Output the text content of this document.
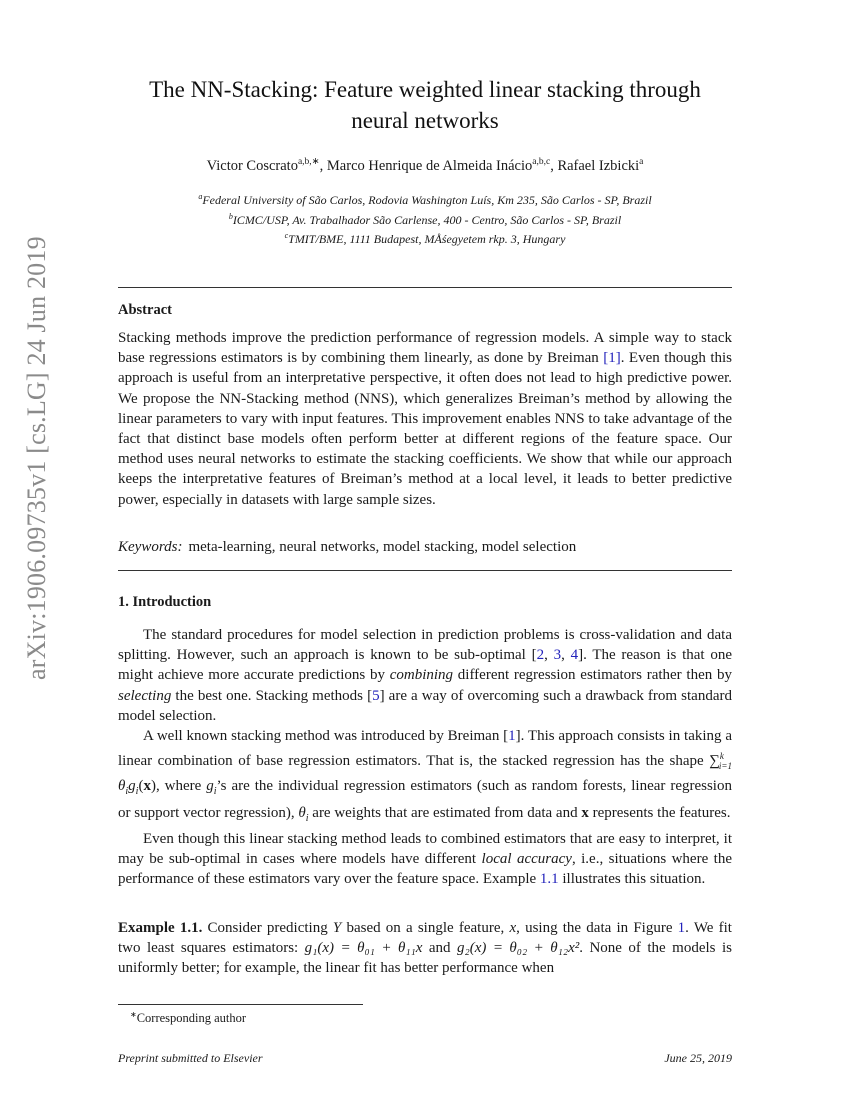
arXiv:1906.09735v1 [cs.LG] 24 Jun 2019
The NN-Stacking: Feature weighted linear stacking through
neural networks
Victor Coscrato$^{a,b,∗}$, Marco Henrique de Almeida Inácio$^{a,b,c}$, Rafael Izbicki$^a$
$^a$Federal University of São Carlos, Rodovia Washington Luís, Km 235, São Carlos - SP, Brazil
$^b$ICMC/USP, Av. Trabalhador São Carlense, 400 - Centro, São Carlos - SP, Brazil
$^c$TMIT/BME, 1111 Budapest, MÅśegyetem rkp. 3, Hungary
Abstract

Stacking methods improve the prediction performance of regression models. A simple way to stack base regressions estimators is by combining them linearly, as done by Breiman [1]. Even though this approach is useful from an interpretative perspective, it often does not lead to high predictive power. We propose the NN-Stacking method (NNS), which generalizes Breiman’s method by allowing the linear parameters to vary with input features. This improvement enables NNS to take advantage of the fact that distinct base models often perform better at different regions of the feature space. Our method uses neural networks to estimate the stacking coefficients. We show that while our approach keeps the interpretative features of Breiman’s method at a local level, it leads to better predictive power, especially in datasets with large sample sizes.

Keywords: meta-learning, neural networks, model stacking, model selection
1. Introduction

The standard procedures for model selection in prediction problems is cross-validation and data splitting. However, such an approach is known to be sub-optimal [2, 3, 4]. The reason is that one might achieve more accurate predictions by combining different regression estimators rather then by selecting the best one. Stacking methods [5] are a way of overcoming such a drawback from standard model selection.

A well known stacking method was introduced by Breiman [1]. This approach consists in taking a linear combination of base regression estimators. That is, the stacked regression has the shape ∑$^k_{i=1}$ $\theta_ig_i(x)$, where $g_i’s$ are the individual regression estimators (such as random forests, linear regression or support vector regression), $\theta_i$ are weights that are estimated from data and x represents the features.

Even though this linear stacking method leads to combined estimators that are easy to interpret, it may be sub-optimal in cases where models have different local accuracy, i.e., situations where the performance of these estimators vary over the feature space. Example 1.1 illustrates this situation.

Example 1.1. Consider predicting Y based on a single feature, x, using the data in Figure 1. We fit two least squares estimators: g₁(x) = θ₀₁ + θ₁₁x and g₂(x) = θ₀₂ + θ₁₂x². None of the models is uniformly better; for example, the linear fit has better performance when

∗Corresponding author
Preprint submitted to Elsevier	June 25, 2019
